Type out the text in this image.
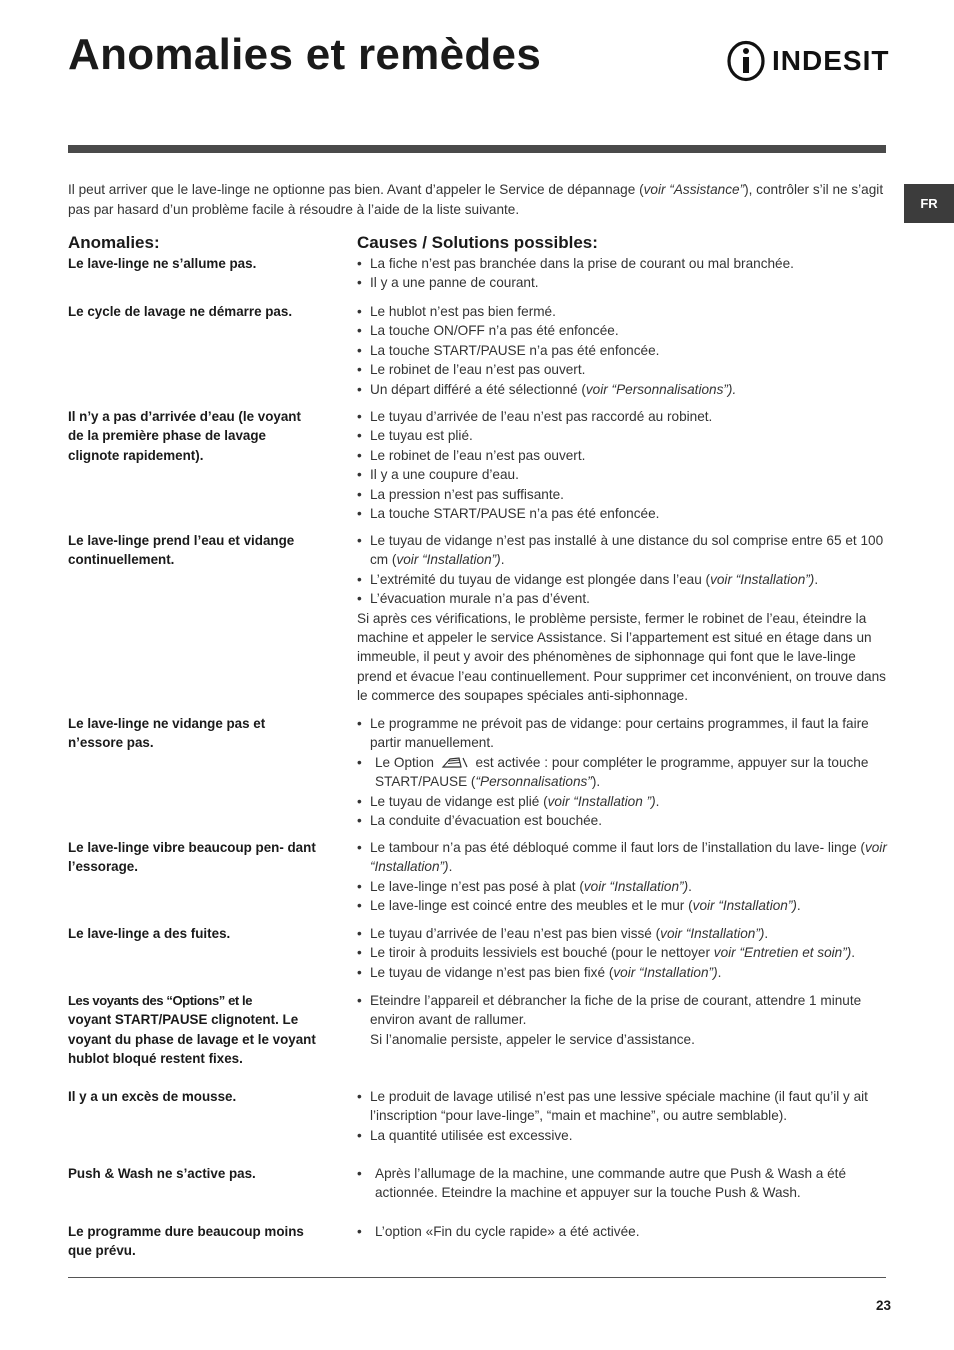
Anomalies et remèdes	INDESIT
FR
Il peut arriver que le lave-linge ne optionne pas bien. Avant d’appeler le Service de dépannage (voir “Assistance”), contrôler s’il ne s’agit pas par hasard d’un problème facile à résoudre à l’aide de la liste suivante.
Anomalies:	Causes / Solutions possibles:
Le lave-linge ne s’allume pas.	• La fiche n’est pas branchée dans la prise de courant ou mal branchée.
• Il y a une panne de courant.
Le cycle de lavage ne démarre pas.	• Le hublot n’est pas bien fermé.
• La touche ON/OFF n’a pas été enfoncée.
• La touche START/PAUSE n’a pas été enfoncée.
• Le robinet de l’eau n’est pas ouvert.
• Un départ différé a été sélectionné (voir “Personnalisations”).
Il n’y a pas d’arrivée d’eau (le voyant de la première phase de lavage clignote rapidement).
• Le tuyau d’arrivée de l’eau n’est pas raccordé au robinet.
• Le tuyau est plié.
• Le robinet de l’eau n’est pas ouvert.
• Il y a une coupure d’eau.
• La pression n’est pas suffisante.
• La touche START/PAUSE n’a pas été enfoncée.
Le lave-linge prend l’eau et vidange continuellement.
• Le tuyau de vidange n’est pas installé à une distance du sol comprise entre 65 et 100 cm (voir “Installation”).
• L’extrémité du tuyau de vidange est plongée dans l’eau (voir “Installation”).
• L’évacuation murale n’a pas d’évent.

Si après ces vérifications, le problème persiste, fermer le robinet de l’eau, éteindre la machine et appeler le service Assistance. Si l’appartement est situé en étage dans un immeuble, il peut y avoir des phénomènes de siphonnage qui font que le lave-linge prend et évacue l’eau continuellement. Pour supprimer cet inconvénient, on trouve dans le commerce des soupapes spéciales anti-siphonnage.

Le lave-linge ne vidange pas et n’essore pas.
• Le programme ne prévoit pas de vidange: pour certains programmes, il faut la faire partir manuellement.
• Le Option	est activée : pour compléter le programme, appuyer sur la touche START/PAUSE (“Personnalisations”).
• Le tuyau de vidange est plié (voir “Installation ”).
• La conduite d’évacuation est bouchée.
Le lave-linge vibre beaucoup pen- dant l’essorage.
• Le tambour n’a pas été débloqué comme il faut lors de l’installation du lave- linge (voir “Installation”).
• Le lave-linge n’est pas posé à plat (voir “Installation”).
• Le lave-linge est coincé entre des meubles et le mur (voir “Installation”).
Le lave-linge a des fuites.	• Le tuyau d’arrivée de l’eau n’est pas bien vissé (voir “Installation”).
• Le tiroir à produits lessiviels est bouché (pour le nettoyer voir “Entretien et soin”).
• Le tuyau de vidange n’est pas bien fixé (voir “Installation”).
Les voyants des “Options” et le
voyant START/PAUSE clignotent. Le voyant du phase de lavage et le voyant hublot bloqué restent fixes.
• Eteindre l’appareil et débrancher la fiche de la prise de courant, attendre 1 minute environ avant de rallumer.

Si l’anomalie persiste, appeler le service d’assistance.

Il y a un excès de mousse.	• Le produit de lavage utilisé n’est pas une lessive spéciale machine (il faut qu’il y ait l’inscription “pour lave-linge”, “main et machine”, ou autre semblable).
• La quantité utilisée est excessive.
Push & Wash ne s’active pas.	• Après l’allumage de la machine, une commande autre que Push & Wash a été actionnée. Eteindre la machine et appuyer sur la touche Push & Wash.
Le programme dure beaucoup moins que prévu.
• L’option «Fin du cycle rapide» a été activée.
23
